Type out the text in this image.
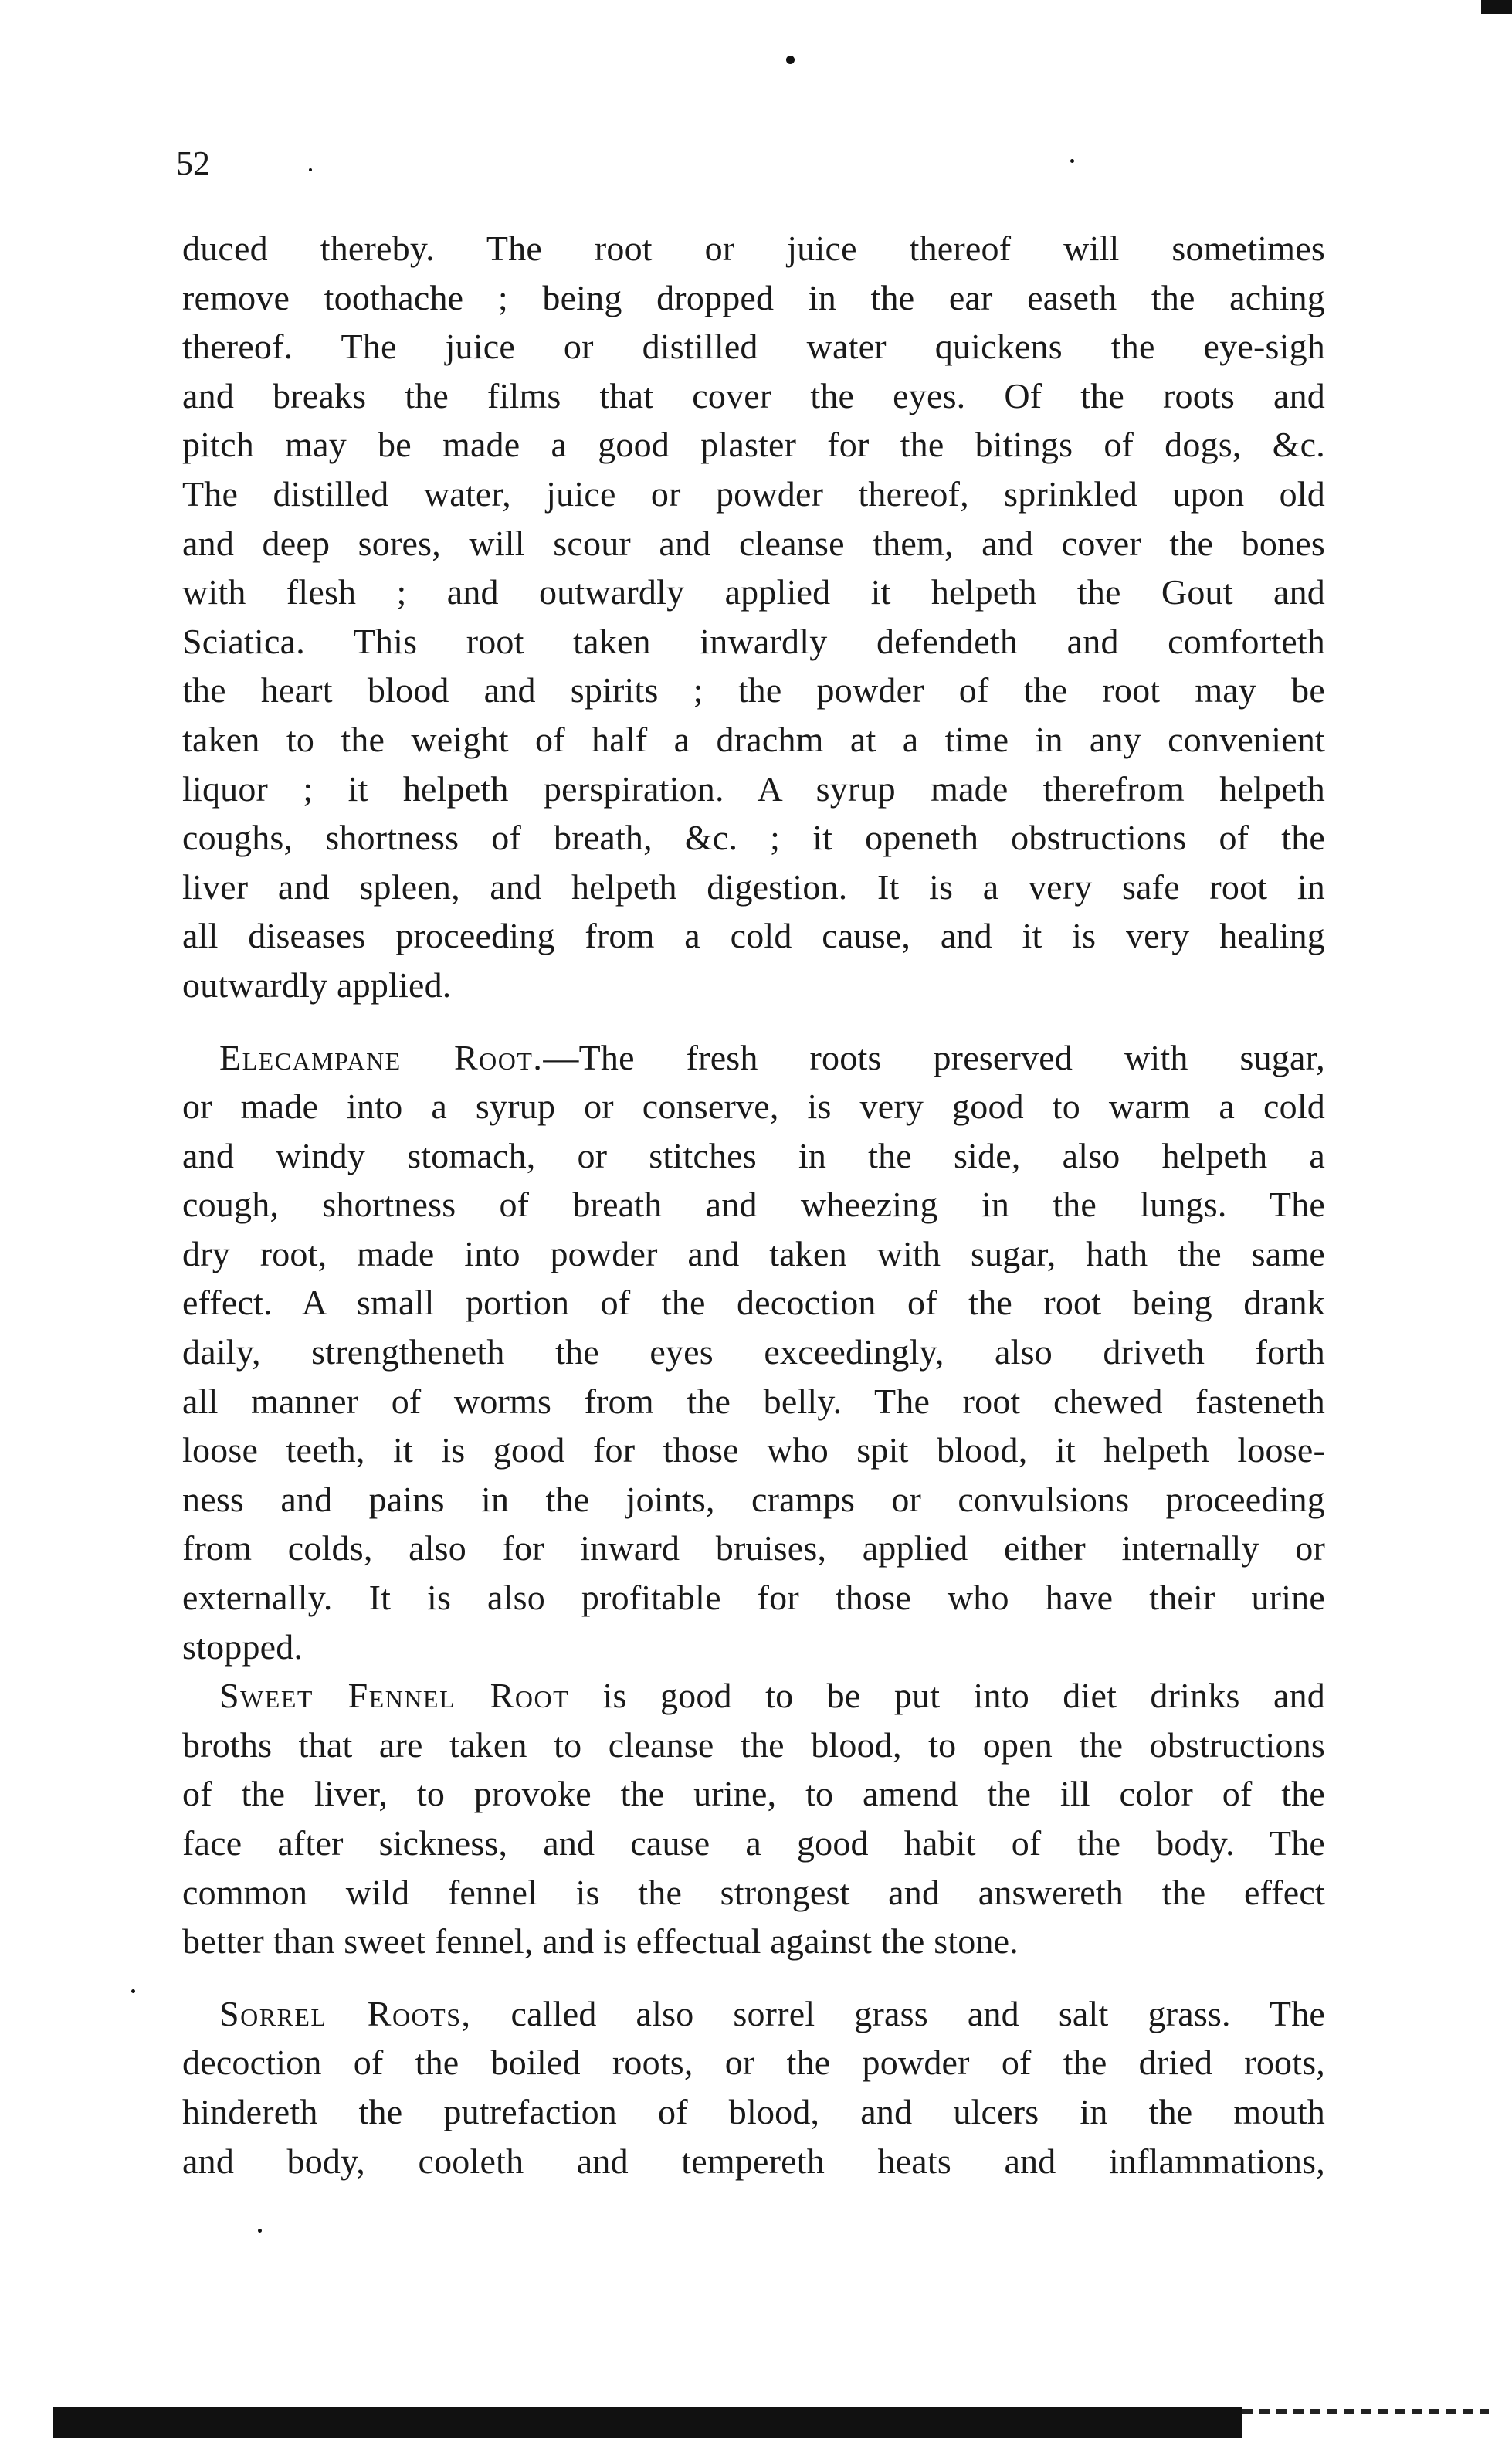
52
duced thereby. The root or juice thereof will sometimes
remove toothache ; being dropped in the ear easeth the aching
thereof. The juice or distilled water quickens the eye-sigh
and breaks the films that cover the eyes. Of the roots and
pitch may be made a good plaster for the bitings of dogs, &c.
The distilled water, juice or powder thereof, sprinkled upon old
and deep sores, will scour and cleanse them, and cover the bones
with flesh ; and outwardly applied it helpeth the Gout and
Sciatica. This root taken inwardly defendeth and comforteth
the heart blood and spirits ; the powder of the root may be
taken to the weight of half a drachm at a time in any convenient
liquor ; it helpeth perspiration. A syrup made therefrom helpeth
coughs, shortness of breath, &c. ; it openeth obstructions of the
liver and spleen, and helpeth digestion. It is a very safe root in
all diseases proceeding from a cold cause, and it is very healing
outwardly applied.
Elecampane Root.—The fresh roots preserved with sugar,
or made into a syrup or conserve, is very good to warm a cold
and windy stomach, or stitches in the side, also helpeth a
cough, shortness of breath and wheezing in the lungs. The
dry root, made into powder and taken with sugar, hath the same
effect. A small portion of the decoction of the root being drank
daily, strengtheneth the eyes exceedingly, also driveth forth
all manner of worms from the belly. The root chewed fasteneth
loose teeth, it is good for those who spit blood, it helpeth loose-
ness and pains in the joints, cramps or convulsions proceeding
from colds, also for inward bruises, applied either internally or
externally. It is also profitable for those who have their urine
stopped.
Sweet Fennel Root is good to be put into diet drinks and
broths that are taken to cleanse the blood, to open the obstructions
of the liver, to provoke the urine, to amend the ill color of the
face after sickness, and cause a good habit of the body. The
common wild fennel is the strongest and answereth the effect
better than sweet fennel, and is effectual against the stone.
Sorrel Roots, called also sorrel grass and salt grass. The
decoction of the boiled roots, or the powder of the dried roots,
hindereth the putrefaction of blood, and ulcers in the mouth
and body, cooleth and tempereth heats and inflammations,
